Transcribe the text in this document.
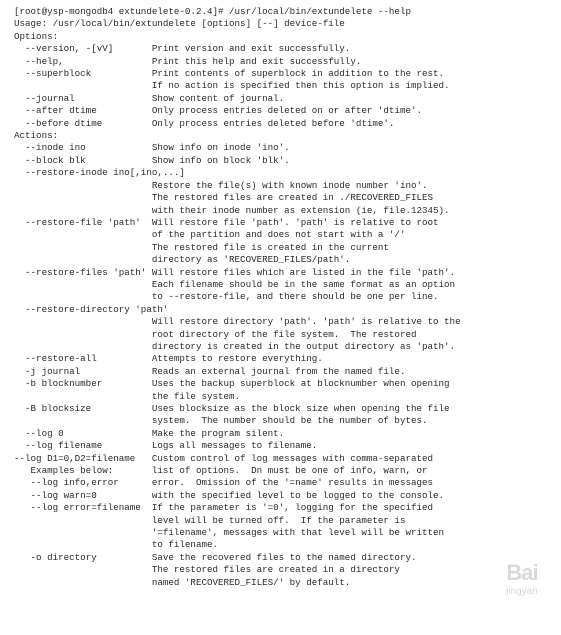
[root@ysp-mongodb4 extundelete-0.2.4]# /usr/local/bin/extundelete --help
Usage: /usr/local/bin/extundelete [options] [--] device-file
Options:
--version, -[vV]       Print version and exit successfully.
--help,                Print this help and exit successfully.
--superblock           Print contents of superblock in addition to the rest.
If no action is specified then this option is implied.
--journal              Show content of journal.
--after dtime          Only process entries deleted on or after 'dtime'.
--before dtime         Only process entries deleted before 'dtime'.
Actions:
--inode ino            Show info on inode 'ino'.
--block blk            Show info on block 'blk'.
--restore-inode ino[,ino,...]
Restore the file(s) with known inode number 'ino'.
The restored files are created in ./RECOVERED_FILES
with their inode number as extension (ie, file.12345).
--restore-file 'path'  Will restore file 'path'. 'path' is relative to root
of the partition and does not start with a '/'
The restored file is created in the current
directory as 'RECOVERED_FILES/path'.
--restore-files 'path' Will restore files which are listed in the file 'path'.
Each filename should be in the same format as an option
to --restore-file, and there should be one per line.
--restore-directory 'path'
Will restore directory 'path'. 'path' is relative to the
root directory of the file system.  The restored
directory is created in the output directory as 'path'.
--restore-all          Attempts to restore everything.
-j journal             Reads an external journal from the named file.
-b blocknumber         Uses the backup superblock at blocknumber when opening
the file system.
-B blocksize           Uses blocksize as the block size when opening the file
system.  The number should be the number of bytes.
--log 0                Make the program silent.
--log filename         Logs all messages to filename.
--log D1=0,D2=filename   Custom control of log messages with comma-separated
Examples below:       list of options.  Dn must be one of info, warn, or
--log info,error      error.  Omission of the '=name' results in messages
--log warn=0          with the specified level to be logged to the console.
--log error=filename  If the parameter is '=0', logging for the specified
level will be turned off.  If the parameter is
'=filename', messages with that level will be written
to filename.
-o directory          Save the recovered files to the named directory.
The restored files are created in a directory
named 'RECOVERED_FILES/' by default.	Bai
jingyan
